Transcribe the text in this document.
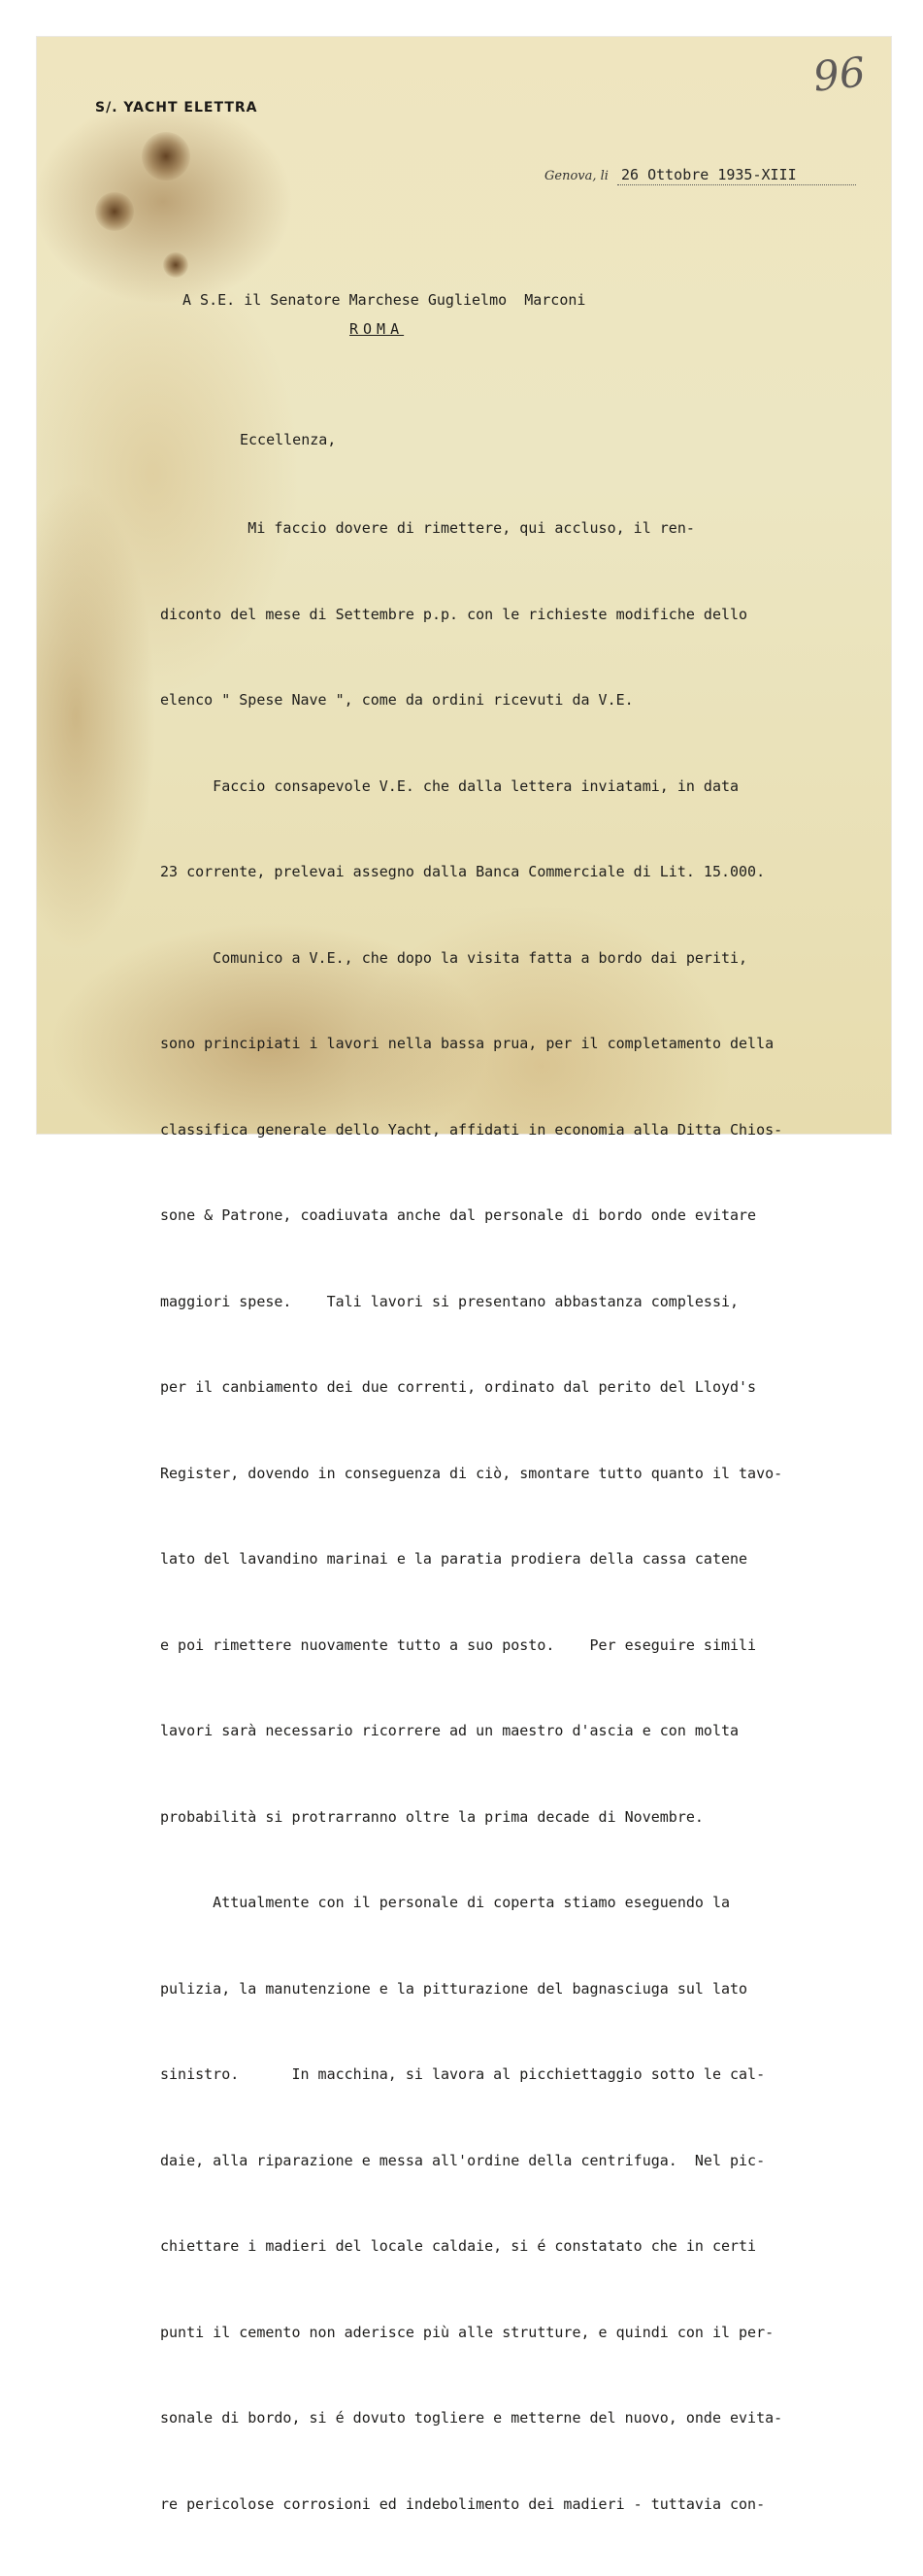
S/. YACHT ELETTRA
96
Genova, li 26 Ottobre 1935-XIII
A S.E. il Senatore Marchese Guglielmo  Marconi
ROMA
Eccellenza,

Mi faccio dovere di rimettere, qui accluso, il ren-

diconto del mese di Settembre p.p. con le richieste modifiche dello

elenco " Spese Nave ", come da ordini ricevuti da V.E.

Faccio consapevole V.E. che dalla lettera inviatami, in data

23 corrente, prelevai assegno dalla Banca Commerciale di Lit. 15.000.

Comunico a V.E., che dopo la visita fatta a bordo dai periti,

sono principiati i lavori nella bassa prua, per il completamento della

classifica generale dello Yacht, affidati in economia alla Ditta Chios-

sone & Patrone, coadiuvata anche dal personale di bordo onde evitare

maggiori spese.    Tali lavori si presentano abbastanza complessi,

per il canbiamento dei due correnti, ordinato dal perito del Lloyd's

Register, dovendo in conseguenza di ciò, smontare tutto quanto il tavo-

lato del lavandino marinai e la paratia prodiera della cassa catene

e poi rimettere nuovamente tutto a suo posto.    Per eseguire simili

lavori sarà necessario ricorrere ad un maestro d'ascia e con molta

probabilità si protrarranno oltre la prima decade di Novembre.

Attualmente con il personale di coperta stiamo eseguendo la

pulizia, la manutenzione e la pitturazione del bagnasciuga sul lato

sinistro.      In macchina, si lavora al picchiettaggio sotto le cal-

daie, alla riparazione e messa all'ordine della centrifuga.  Nel pic-

chiettare i madieri del locale caldaie, si é constatato che in certi

punti il cemento non aderisce più alle strutture, e quindi con il per-

sonale di bordo, si é dovuto togliere e metterne del nuovo, onde evita-

re pericolose corrosioni ed indebolimento dei madieri - tuttavia con-
